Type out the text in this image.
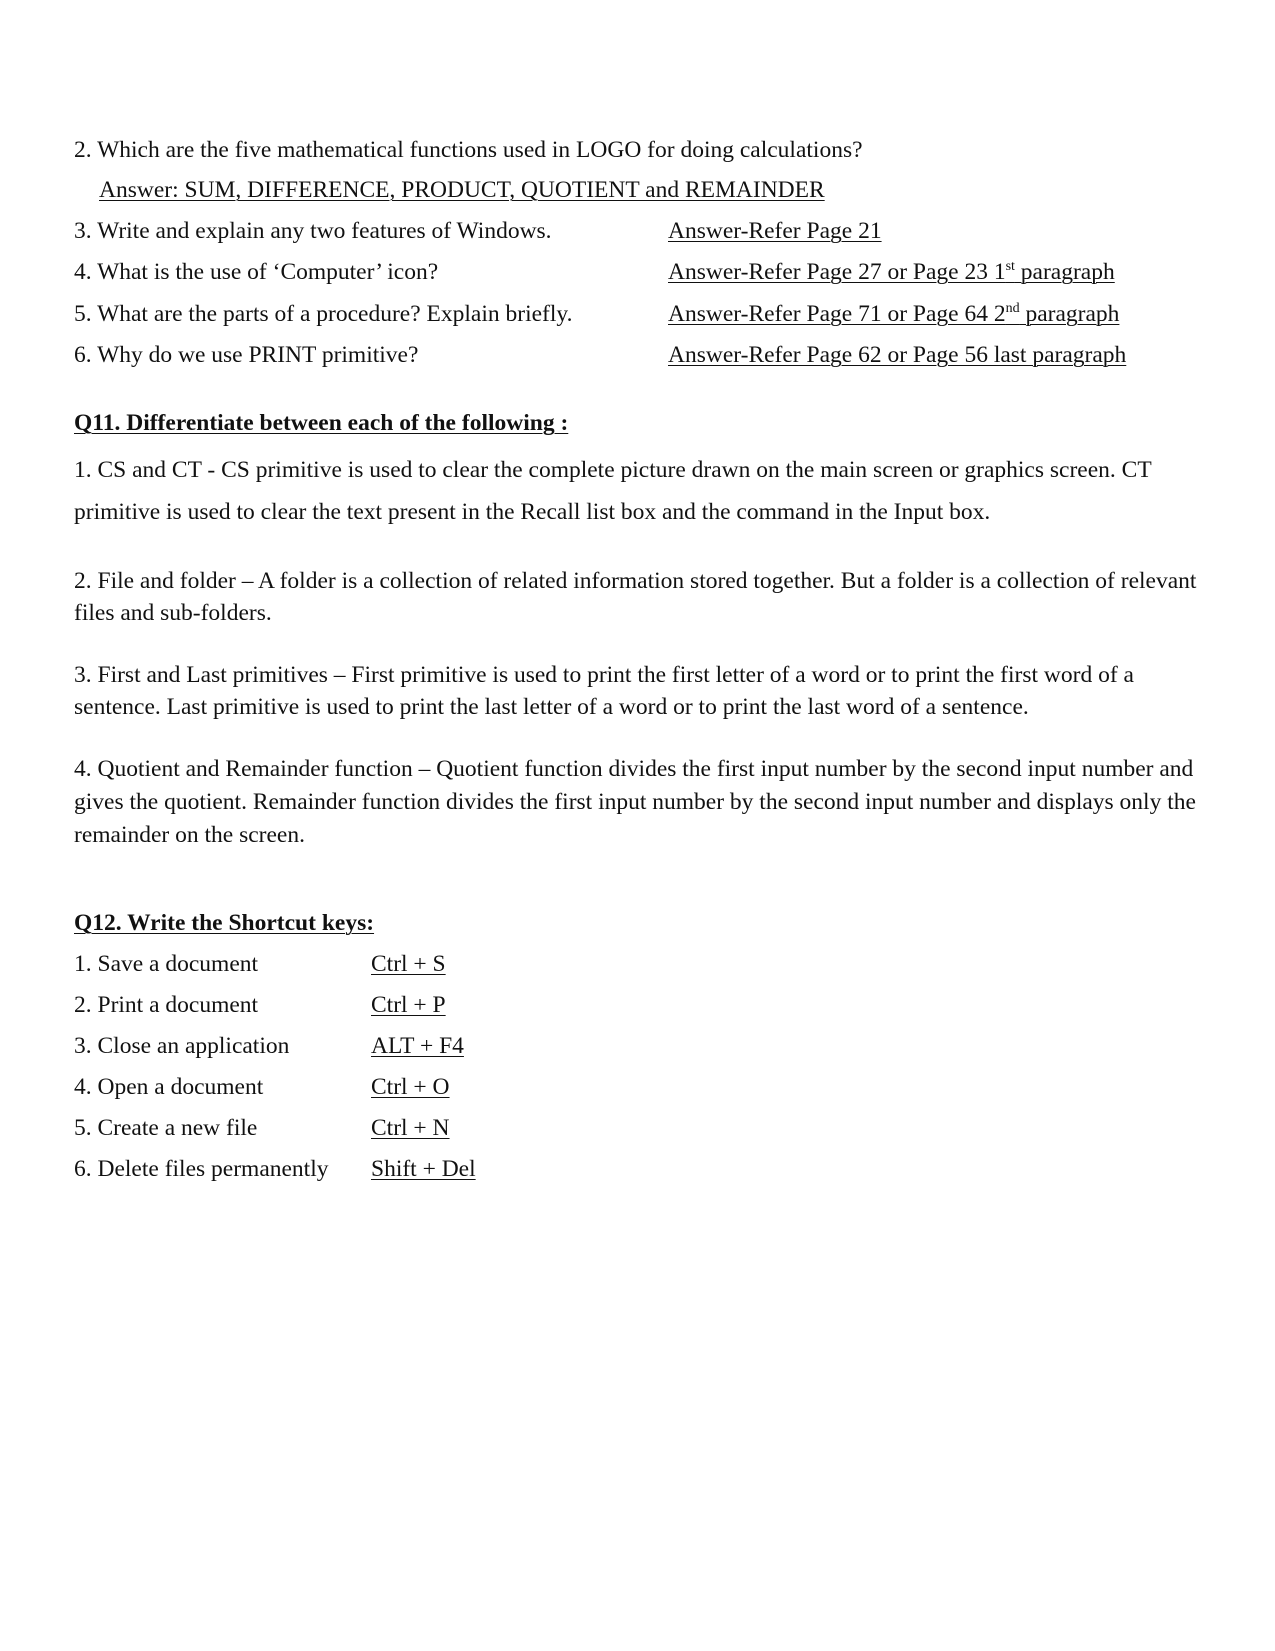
2. Which are the five mathematical functions used in LOGO for doing calculations?
Answer: SUM, DIFFERENCE, PRODUCT, QUOTIENT and REMAINDER
3. Write and explain any two features of Windows.	Answer-Refer Page 21
4. What is the use of ‘Computer’ icon?	Answer-Refer Page 27 or Page 23 1st paragraph
5. What are the parts of a procedure? Explain briefly.	Answer-Refer Page 71 or Page 64 2nd paragraph
6. Why do we use PRINT primitive?	Answer-Refer Page 62 or Page 56 last paragraph
Q11. Differentiate between each of the following :
1. CS and CT - CS primitive is used to clear the complete picture drawn on the main screen or graphics screen. CT primitive is used to clear the text present in the Recall list box and the command in the Input box.
2. File and folder – A folder is a collection of related information stored together. But a folder is a collection of relevant files and sub-folders.
3. First and Last primitives – First primitive is used to print the first letter of a word or to print the first word of a sentence. Last primitive is used to print the last letter of a word or to print the last word of a sentence.
4. Quotient and Remainder function – Quotient function divides the first input number by the second input number and gives the quotient. Remainder function divides the first input number by the second input number and displays only the remainder on the screen.
Q12. Write the Shortcut keys:
1. Save a document	Ctrl + S
2. Print a document	Ctrl + P
3. Close an application	ALT + F4
4. Open a document	Ctrl + O
5. Create a new file	Ctrl + N
6. Delete files permanently Shift + Del
